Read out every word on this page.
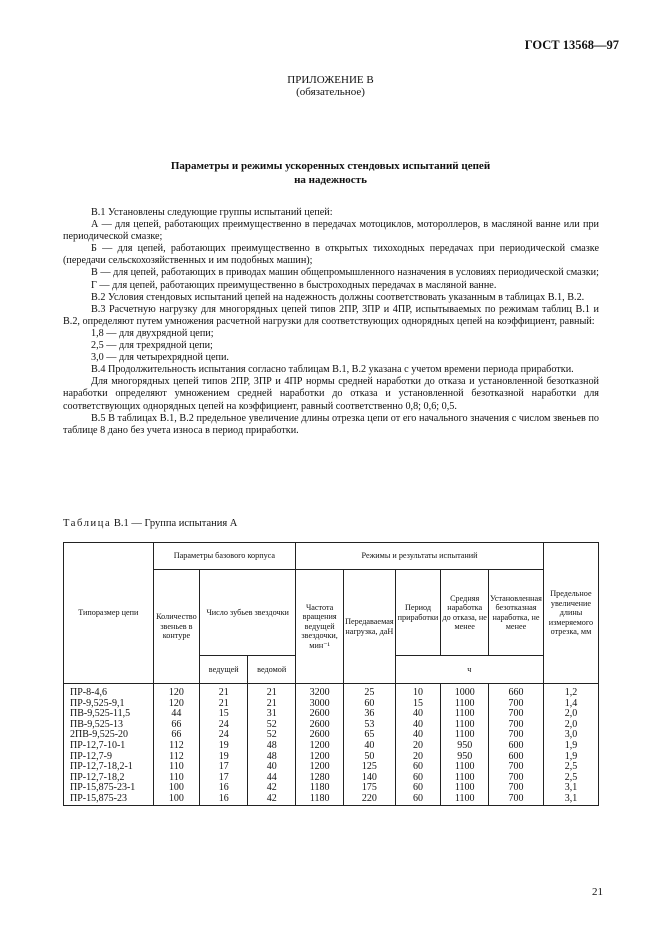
ГОСТ 13568—97
ПРИЛОЖЕНИЕ В
(обязательное)
Параметры и режимы ускоренных стендовых испытаний цепей
на надежность

В.1 Установлены следующие группы испытаний цепей:

А — для цепей, работающих преимущественно в передачах мотоциклов, мотороллеров, в масляной ванне или при периодической смазке;

Б — для цепей, работающих преимущественно в открытых тихоходных передачах при периодической смазке (передачи сельскохозяйственных и им подобных машин);

В — для цепей, работающих в приводах машин общепромышленного назначения в условиях периодической смазки;

Г — для цепей, работающих преимущественно в быстроходных передачах в масляной ванне.

В.2 Условия стендовых испытаний цепей на надежность должны соответствовать указанным в таблицах В.1, В.2.

В.3 Расчетную нагрузку для многорядных цепей типов 2ПР, 3ПР и 4ПР, испытываемых по режимам таблиц В.1 и В.2, определяют путем умножения расчетной нагрузки для соответствующих однорядных цепей на коэффициент, равный:

1,8 — для двухрядной цепи;

2,5 — для трехрядной цепи;

3,0 — для четырехрядной цепи.

В.4 Продолжительность испытания согласно таблицам В.1, В.2 указана с учетом времени периода приработки.

Для многорядных цепей типов 2ПР, 3ПР и 4ПР нормы средней наработки до отказа и установленной безотказной наработки определяют умножением средней наработки до отказа и установленной безотказной наработки для соответствующих однорядных цепей на коэффициент, равный соответственно 0,8; 0,6; 0,5.

В.5 В таблицах В.1, В.2 предельное увеличение длины отрезка цепи от его начального значения с числом звеньев по таблице 8 дано без учета износа в период приработки.

Таблица В.1 — Группа испытания А
Типоразмер цепи	Параметры базового корпуса			Режимы и результаты испытаний					Предельное увеличение длины измеряемого отрезка, мм
	Количество звеньев в контуре	Число зубьев звездочки		Частота вращения ведущей звездочки, мин⁻¹	Передаваемая нагрузка, даН	Период приработки	Средняя наработка до отказа, не менее	Установленная безотказная наработка, не менее	
		ведущей	ведомой			ч			

ПР-8-4,6	120	21	21	3200	25	10	1000	660	1,2
ПР-9,525-9,1	120	21	21	3000	60	15	1100	700	1,4
ПВ-9,525-11,5	44	15	31	2600	36	40	1100	700	2,0
ПВ-9,525-13	66	24	52	2600	53	40	1100	700	2,0
2ПВ-9,525-20	66	24	52	2600	65	40	1100	700	3,0
ПР-12,7-10-1	112	19	48	1200	40	20	950	600	1,9
ПР-12,7-9	112	19	48	1200	50	20	950	600	1,9
ПР-12,7-18,2-1	110	17	40	1200	125	60	1100	700	2,5
ПР-12,7-18,2	110	17	44	1280	140	60	1100	700	2,5
ПР-15,875-23-1	100	16	42	1180	175	60	1100	700	3,1
ПР-15,875-23	100	16	42	1180	220	60	1100	700	3,1
21
